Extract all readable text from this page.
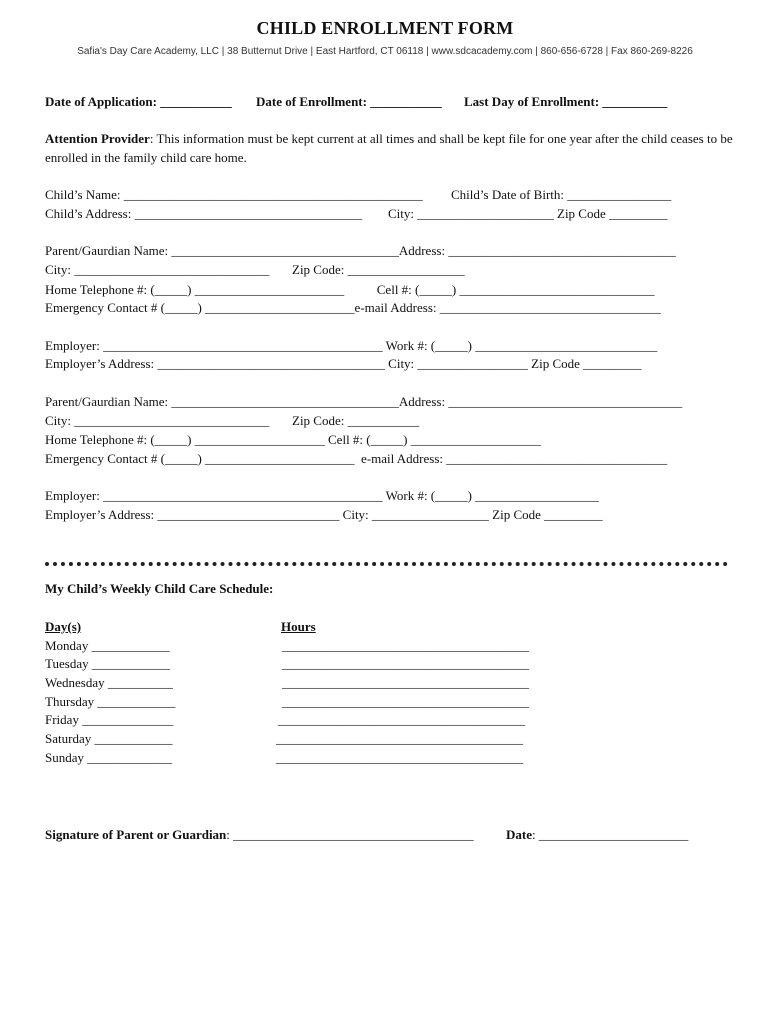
CHILD ENROLLMENT FORM
Safia's Day Care Academy, LLC | 38 Butternut Drive | East Hartford, CT 06118 | www.sdcacademy.com | 860-656-6728 | Fax 860-269-8226
Date of Application: ___________ Date of Enrollment: ___________ Last Day of Enrollment: __________
Attention Provider: This information must be kept current at all times and shall be kept file for one year after the child ceases to be enrolled in the family child care home.
Child’s Name: ______________________________________________ Child’s Date of Birth: ________________
Child’s Address: ___________________________________ City: _____________________ Zip Code _________
Parent/Gaurdian Name: ___________________________________Address: ___________________________________
City: ______________________________       Zip Code: __________________
Home Telephone #: (_____) _______________________          Cell #: (_____) ______________________________
Emergency Contact # (_____) _______________________e-mail Address: __________________________________
Employer: ___________________________________________ Work #: (_____) ____________________________
Employer’s Address: ___________________________________ City: _________________ Zip Code _________
Parent/Gaurdian Name: ___________________________________Address: ____________________________________
City: ______________________________       Zip Code: ___________
Home Telephone #: (_____) ____________________ Cell #: (_____) ____________________
Emergency Contact # (_____) _______________________  e-mail Address: __________________________________
Employer: ___________________________________________ Work #: (_____) ___________________
Employer’s Address: ____________________________ City: __________________ Zip Code _________
My Child’s Weekly Child Care Schedule:
Day(s)	Hours
Monday ____________
Tuesday ____________
Wednesday __________
Thursday ____________
Friday ______________
Saturday ____________
Sunday _____________
______________________________________
______________________________________
______________________________________
______________________________________
______________________________________
______________________________________
______________________________________
Signature of Parent or Guardian: _____________________________________ Date: _______________________
